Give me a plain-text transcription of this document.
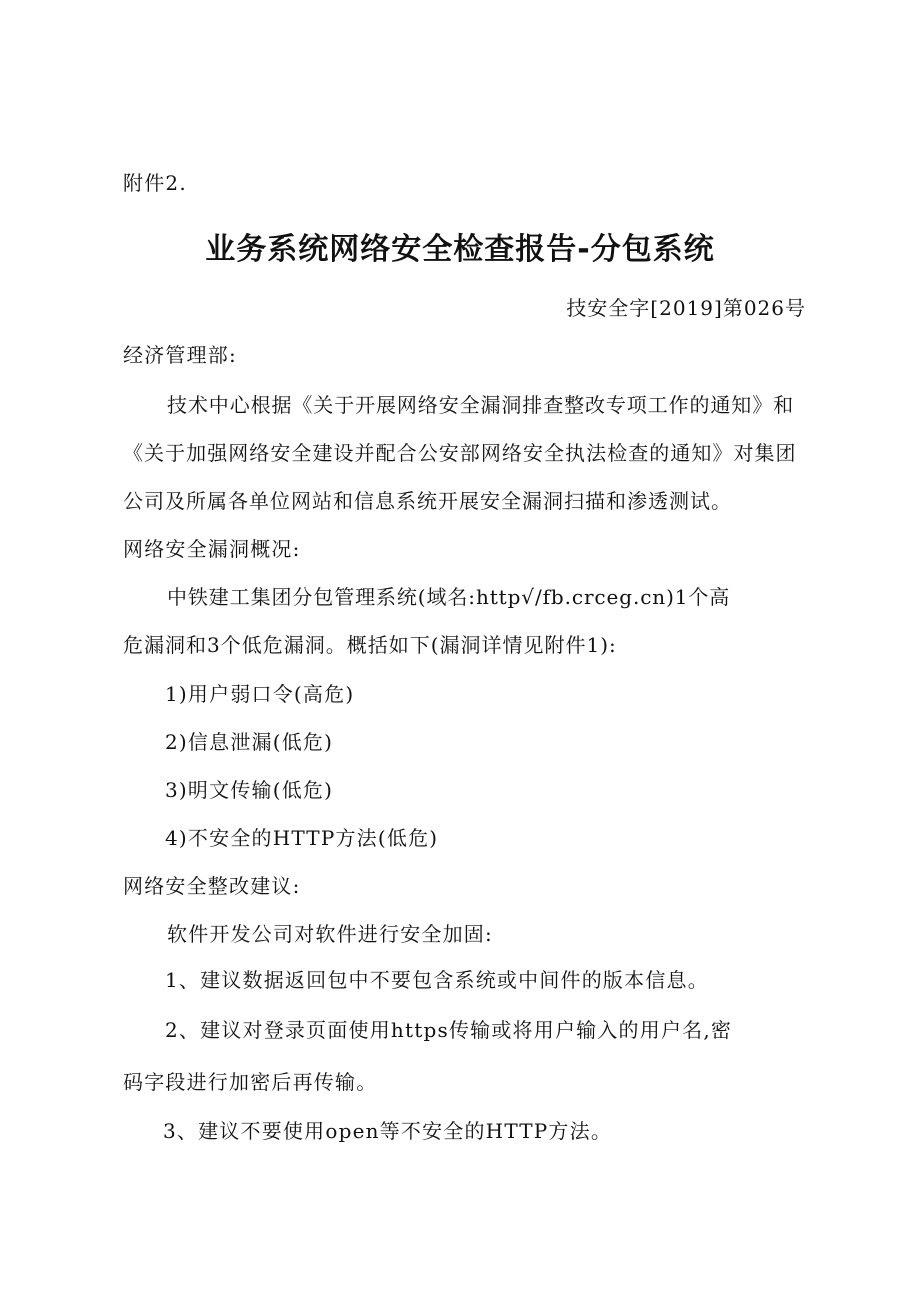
附件2.
业务系统网络安全检查报告-分包系统
技安全字[2019]第026号
经济管理部:
技术中心根据《关于开展网络安全漏洞排查整改专项工作的通知》和
《关于加强网络安全建设并配合公安部网络安全执法检查的通知》对集团
公司及所属各单位网站和信息系统开展安全漏洞扫描和渗透测试。
网络安全漏洞概况:
中铁建工集团分包管理系统(域名:http√/fb.crceg.cn)1个高
危漏洞和3个低危漏洞。概括如下(漏洞详情见附件1):
1)用户弱口令(高危)
2)信息泄漏(低危)
3)明文传输(低危)
4)不安全的HTTP方法(低危)
网络安全整改建议:
软件开发公司对软件进行安全加固:
1、建议数据返回包中不要包含系统或中间件的版本信息。
2、建议对登录页面使用https传输或将用户输入的用户名,密
码字段进行加密后再传输。
3、建议不要使用open等不安全的HTTP方法。
